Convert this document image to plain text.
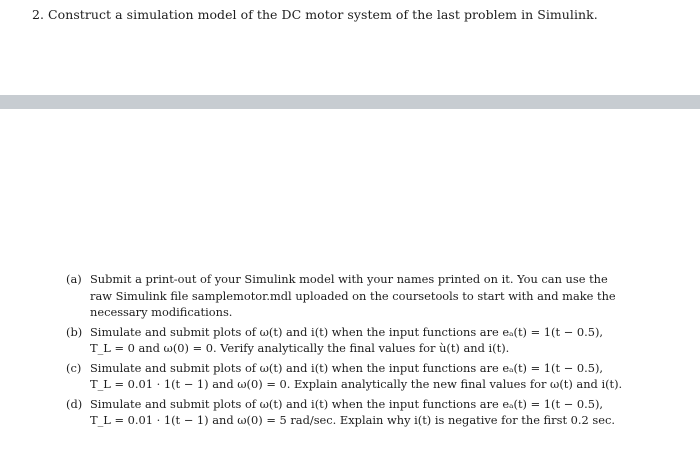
2. Construct a simulation model of the DC motor system of the last problem in Simulink.
(a) Submit a print-out of your Simulink model with your names printed on it. You can use the
raw Simulink file samplemotor.mdl uploaded on the coursetools to start with and make the
necessary modifications.
(b) Simulate and submit plots of ω(t) and i(t) when the input functions are eₐ(t) = 1(t − 0.5),
T_L = 0 and ω(0) = 0. Verify analytically the final values for ù(t) and i(t).
(c) Simulate and submit plots of ω(t) and i(t) when the input functions are eₐ(t) = 1(t − 0.5),
T_L = 0.01 · 1(t − 1) and ω(0) = 0. Explain analytically the new final values for ω(t) and i(t).
(d) Simulate and submit plots of ω(t) and i(t) when the input functions are eₐ(t) = 1(t − 0.5),
T_L = 0.01 · 1(t − 1) and ω(0) = 5 rad/sec. Explain why i(t) is negative for the first 0.2 sec.
